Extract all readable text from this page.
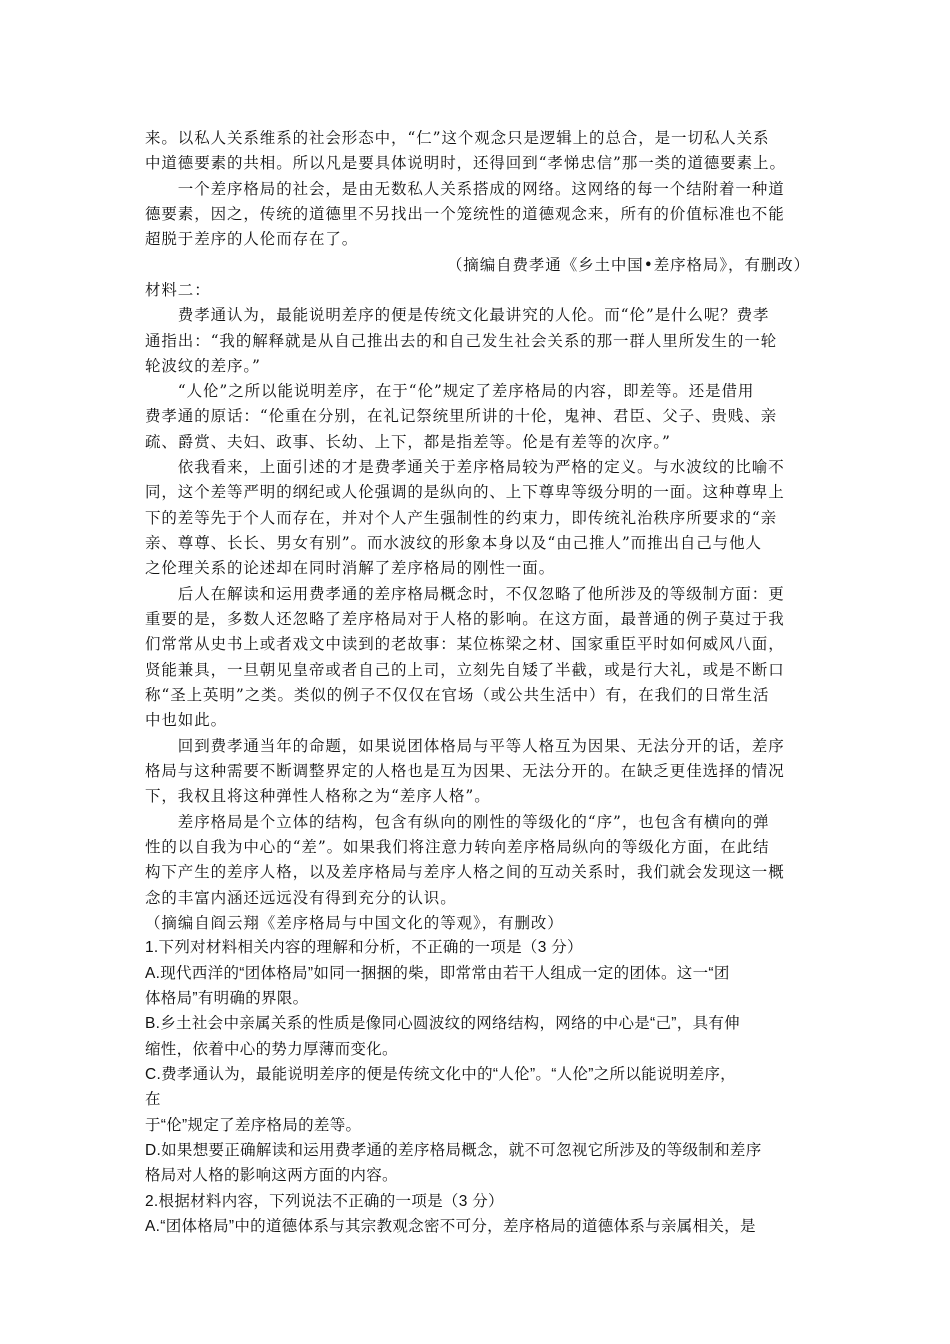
来。以私人关系维系的社会形态中，“仁”这个观念只是逻辑上的总合，是一切私人关系
中道德要素的共相。所以凡是要具体说明时，还得回到“孝悌忠信”那一类的道德要素上。
　　一个差序格局的社会，是由无数私人关系搭成的网络。这网络的每一个结附着一种道
德要素，因之，传统的道德里不另找出一个笼统性的道德观念来，所有的价值标准也不能
超脱于差序的人伦而存在了。
（摘编自费孝通《乡土中国•差序格局》，有删改）
材料二：
　　费孝通认为，最能说明差序的便是传统文化最讲究的人伦。而“伦”是什么呢？费孝
通指出：“我的解释就是从自己推出去的和自己发生社会关系的那一群人里所发生的一轮
轮波纹的差序。”
　　“人伦”之所以能说明差序，在于“伦”规定了差序格局的内容，即差等。还是借用
费孝通的原话：“伦重在分别，在礼记祭统里所讲的十伦，鬼神、君臣、父子、贵贱、亲
疏、爵赏、夫妇、政事、长幼、上下，都是指差等。伦是有差等的次序。”
　　依我看来，上面引述的才是费孝通关于差序格局较为严格的定义。与水波纹的比喻不
同，这个差等严明的纲纪或人伦强调的是纵向的、上下尊卑等级分明的一面。这种尊卑上
下的差等先于个人而存在，并对个人产生强制性的约束力，即传统礼治秩序所要求的“亲
亲、尊尊、长长、男女有别”。而水波纹的形象本身以及“由己推人”而推出自己与他人
之伦理关系的论述却在同时消解了差序格局的刚性一面。
　　后人在解读和运用费孝通的差序格局概念时，不仅忽略了他所涉及的等级制方面：更
重要的是，多数人还忽略了差序格局对于人格的影响。在这方面，最普通的例子莫过于我
们常常从史书上或者戏文中读到的老故事：某位栋梁之材、国家重臣平时如何威风八面，
贤能兼具，一旦朝见皇帝或者自己的上司，立刻先自矮了半截，或是行大礼，或是不断口
称“圣上英明”之类。类似的例子不仅仅在官场（或公共生活中）有，在我们的日常生活
中也如此。
　　回到费孝通当年的命题，如果说团体格局与平等人格互为因果、无法分开的话，差序
格局与这种需要不断调整界定的人格也是互为因果、无法分开的。在缺乏更佳选择的情况
下，我权且将这种弹性人格称之为“差序人格”。
　　差序格局是个立体的结构，包含有纵向的刚性的等级化的“序”，也包含有横向的弹
性的以自我为中心的“差”。如果我们将注意力转向差序格局纵向的等级化方面，在此结
构下产生的差序人格，以及差序格局与差序人格之间的互动关系时，我们就会发现这一概
念的丰富内涵还远远没有得到充分的认识。
（摘编自阎云翔《差序格局与中国文化的等观》，有删改）
1.下列对材料相关内容的理解和分析，不正确的一项是（3 分）
A.现代西洋的“团体格局”如同一捆捆的柴，即常常由若干人组成一定的团体。这一“团
体格局”有明确的界限。
B.乡土社会中亲属关系的性质是像同心圆波纹的网络结构，网络的中心是“己”，具有伸
缩性，依着中心的势力厚薄而变化。
C.费孝通认为，最能说明差序的便是传统文化中的“人伦”。“人伦”之所以能说明差序，
在
于“伦”规定了差序格局的差等。
D.如果想要正确解读和运用费孝通的差序格局概念，就不可忽视它所涉及的等级制和差序
格局对人格的影响这两方面的内容。
2.根据材料内容，下列说法不正确的一项是（3 分）
A.“团体格局”中的道德体系与其宗教观念密不可分，差序格局的道德体系与亲属相关，是
